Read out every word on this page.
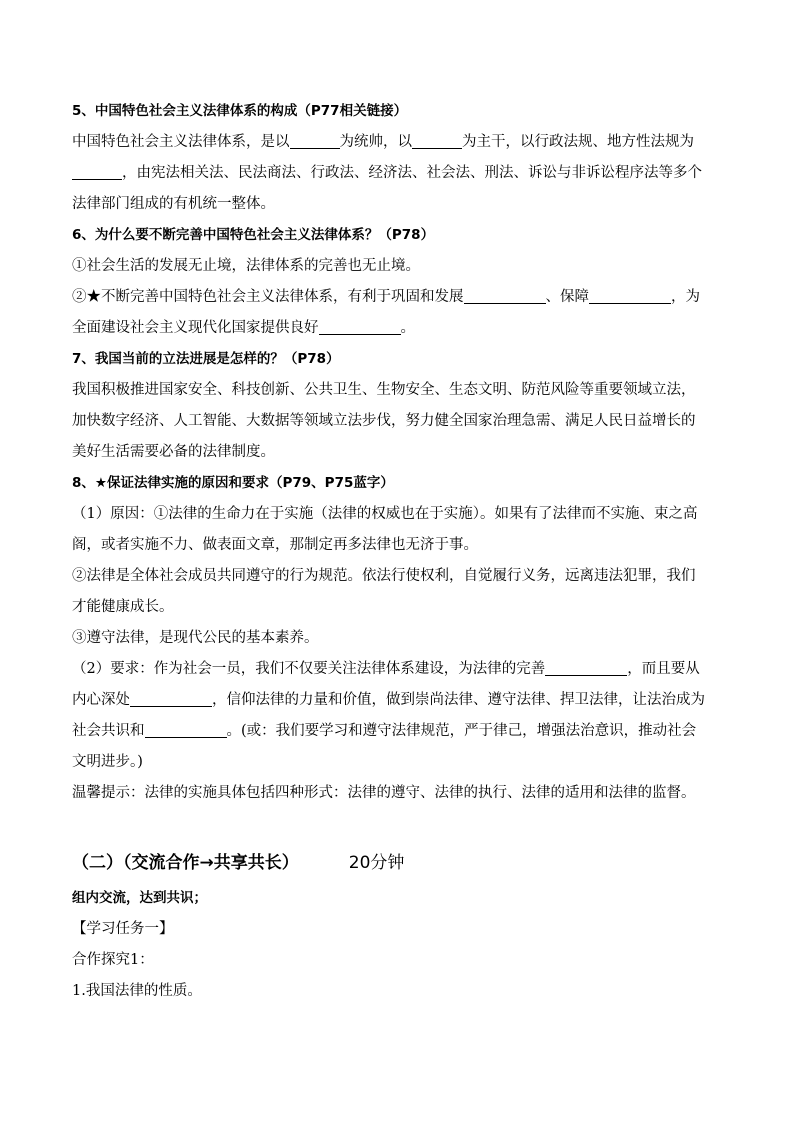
5、中国特色社会主义法律体系的构成（P77相关链接）
中国特色社会主义法律体系，是以	为统帅，以	为主干，以行政法规、地方性法规为
，由宪法相关法、民法商法、行政法、经济法、社会法、刑法、诉讼与非诉讼程序法等多个
法律部门组成的有机统一整体。
6、为什么要不断完善中国特色社会主义法律体系？（P78）
①社会生活的发展无止境，法律体系的完善也无止境。
②★不断完善中国特色社会主义法律体系，有利于巩固和发展	、保障	，为
全面建设社会主义现代化国家提供良好	。
7、我国当前的立法进展是怎样的？（P78）
我国积极推进国家安全、科技创新、公共卫生、生物安全、生态文明、防范风险等重要领域立法，
加快数字经济、人工智能、大数据等领域立法步伐，努力健全国家治理急需、满足人民日益增长的
美好生活需要必备的法律制度。
8、★保证法律实施的原因和要求（P79、P75蓝字）
（1）原因：①法律的生命力在于实施（法律的权威也在于实施）。如果有了法律而不实施、束之高
阁，或者实施不力、做表面文章，那制定再多法律也无济于事。
②法律是全体社会成员共同遵守的行为规范。依法行使权利，自觉履行义务，远离违法犯罪，我们
才能健康成长。
③遵守法律，是现代公民的基本素养。
（2）要求：作为社会一员，我们不仅要关注法律体系建设，为法律的完善	，而且要从
内心深处	，信仰法律的力量和价值，做到崇尚法律、遵守法律、捍卫法律，让法治成为
社会共识和	。(或：我们要学习和遵守法律规范，严于律己，增强法治意识，推动社会
文明进步。)
温馨提示：法律的实施具体包括四种形式：法律的遵守、法律的执行、法律的适用和法律的监督。
（二）（交流合作→共享共长）	20分钟
组内交流，达到共识；
【学习任务一】
合作探究1：
1.我国法律的性质。
